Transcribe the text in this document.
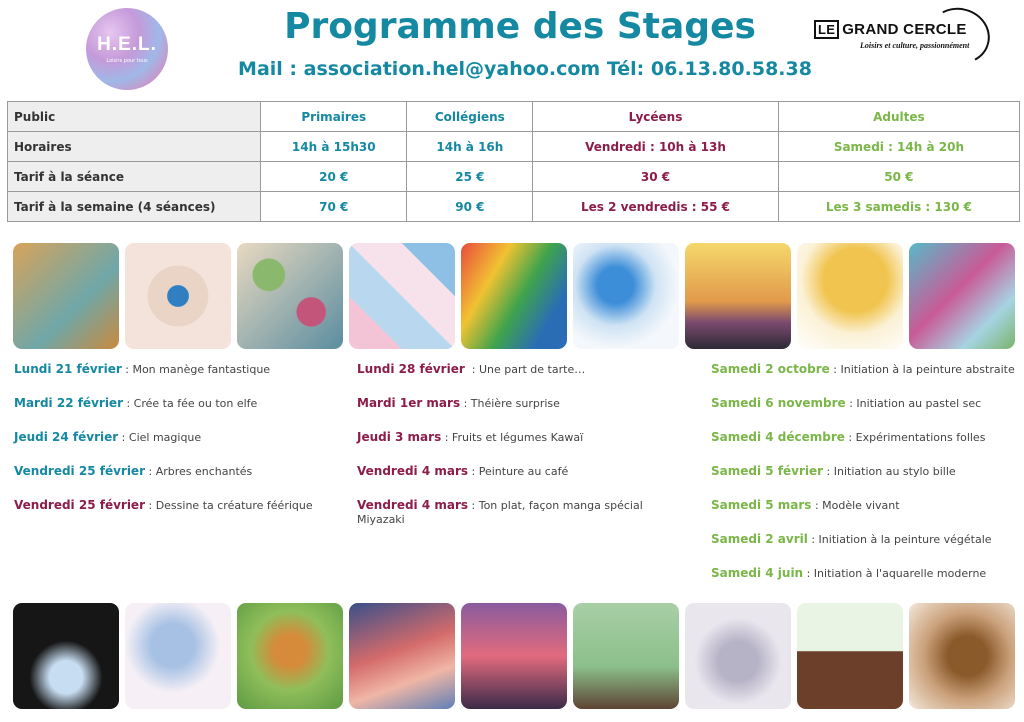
H.E.L.
Loisirs pour tous
Programme des Stages
Mail : association.hel@yahoo.com Tél: 06.13.80.58.38
LE GRAND CERCLE
Loisirs et culture, passionnément
Public	Primaires	Collégiens	Lycéens	Adultes
Horaires	14h à 15h30	14h à 16h	Vendredi : 10h à 13h	Samedi : 14h à 20h
Tarif à la séance	20 €	25 €	30 €	50 €
Tarif à la semaine (4 séances)	70 €	90 €	Les 2 vendredis : 55 €	Les 3 samedis : 130 €
Lundi 21 février : Mon manège fantastique
Mardi 22 février : Crée ta fée ou ton elfe
Jeudi 24 février : Ciel magique
Vendredi 25 février : Arbres enchantés
Vendredi 25 février : Dessine ta créature féérique
Lundi 28 février  : Une part de tarte…
Mardi 1er mars : Théière surprise
Jeudi 3 mars : Fruits et légumes Kawaï
Vendredi 4 mars : Peinture au café
Vendredi 4 mars : Ton plat, façon manga spécial Miyazaki
Samedi 2 octobre : Initiation à la peinture abstraite
Samedi 6 novembre : Initiation au pastel sec
Samedi 4 décembre : Expérimentations folles
Samedi 5 février : Initiation au stylo bille
Samedi 5 mars : Modèle vivant
Samedi 2 avril : Initiation à la peinture végétale
Samedi 4 juin : Initiation à l'aquarelle moderne
